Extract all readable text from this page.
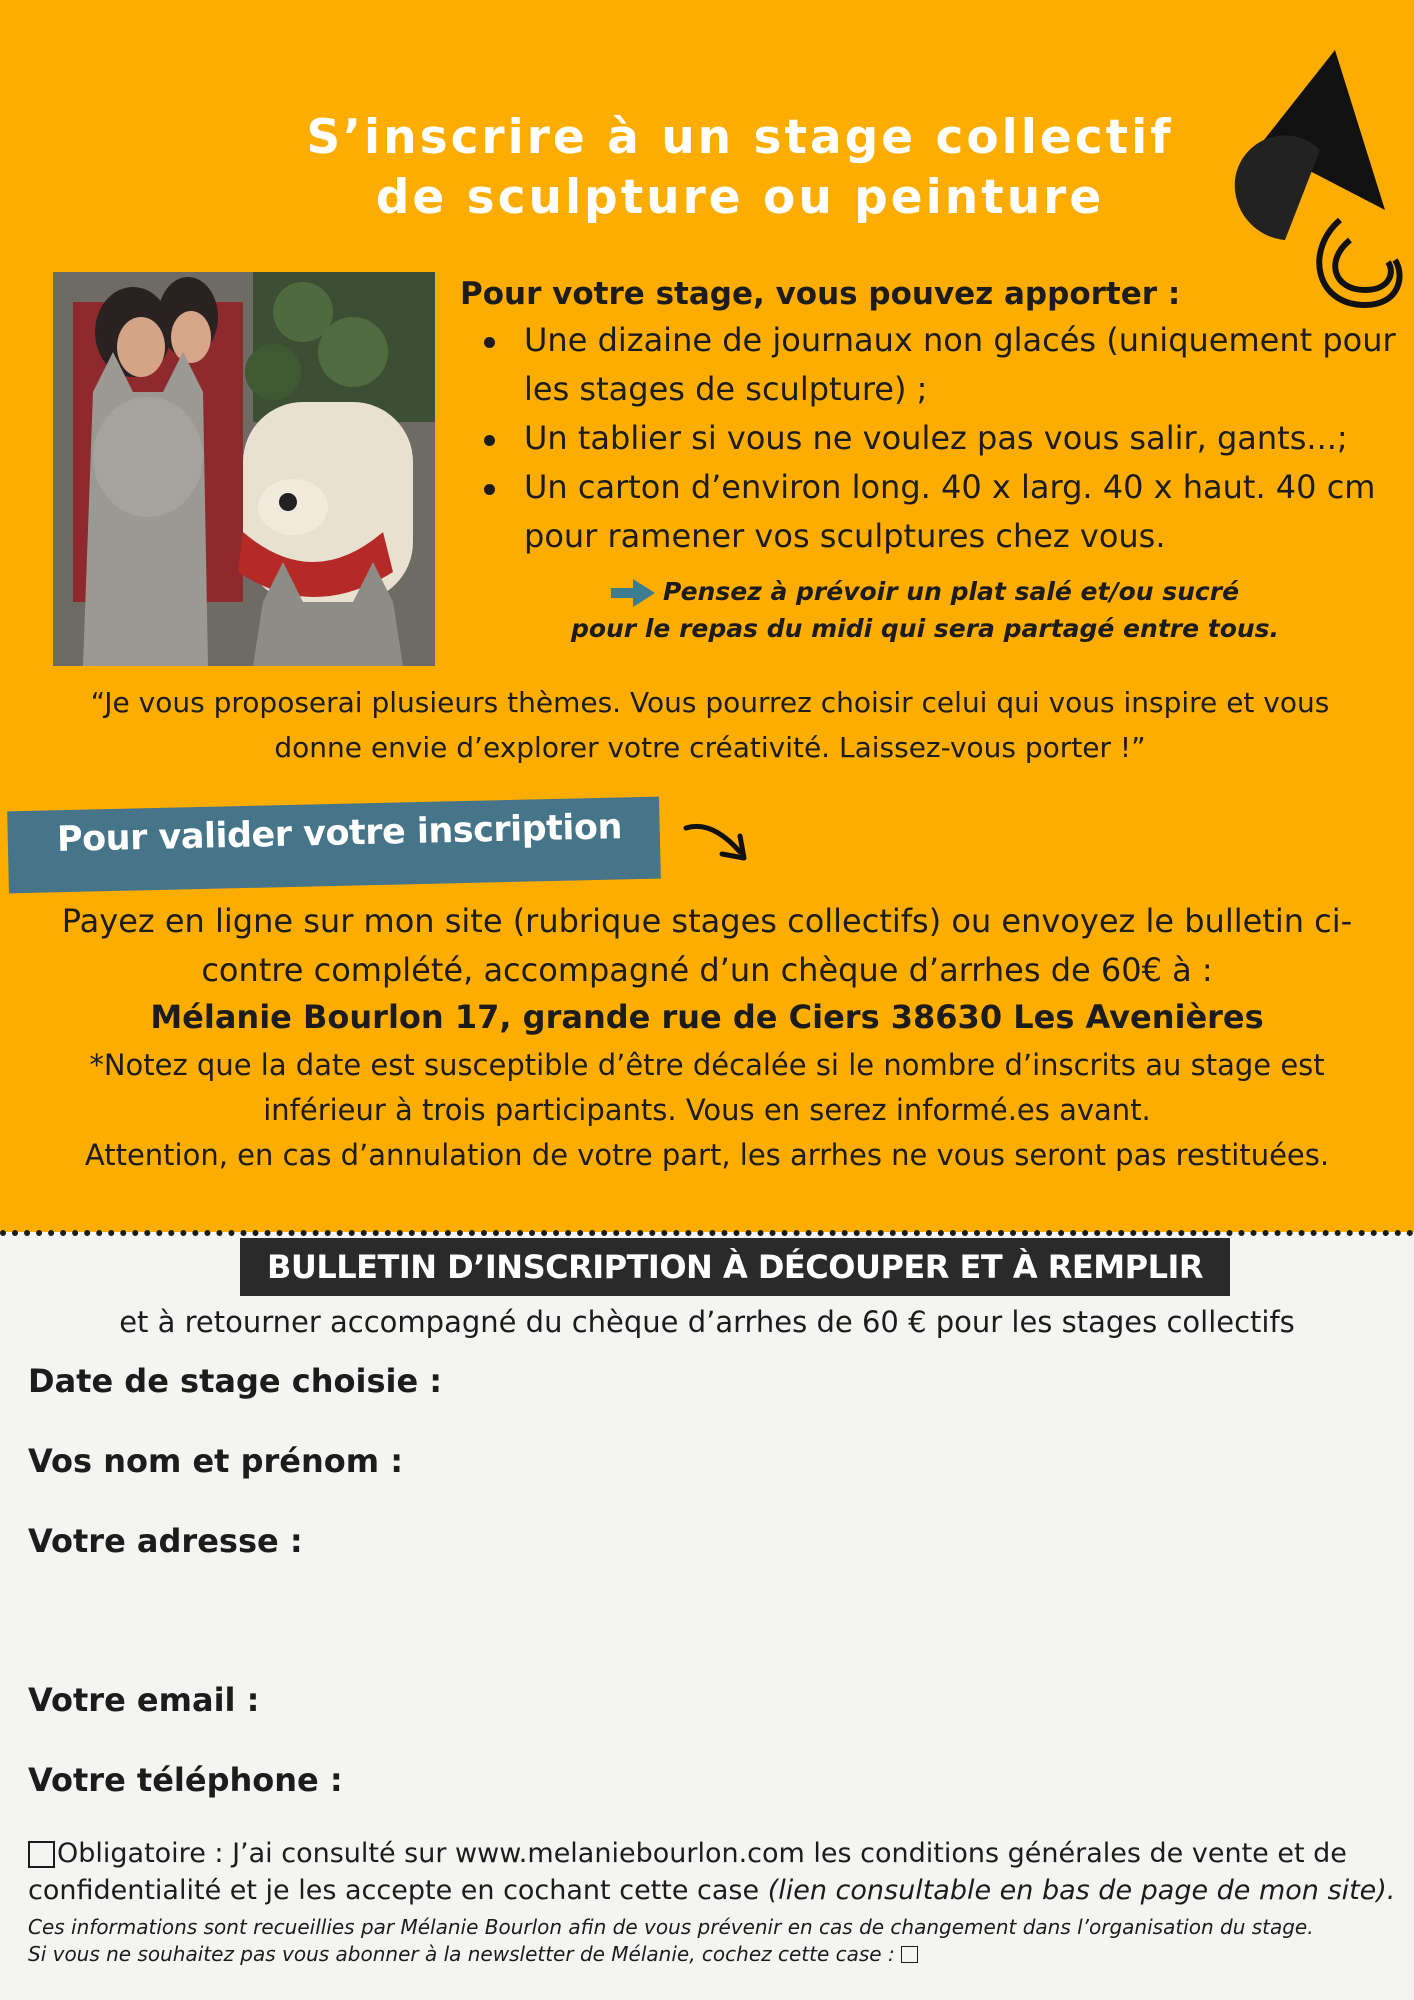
S’inscrire à un stage collectif
de sculpture ou peinture

Pour votre stage, vous pouvez apporter :

Une dizaine de journaux non glacés (uniquement pour les stages de sculpture) ;
Un tablier si vous ne voulez pas vous salir, gants...;
Un carton d’environ long. 40 x larg. 40 x haut. 40 cm pour ramener vos sculptures chez vous.
Pensez à prévoir un plat salé et/ou sucré
pour le repas du midi qui sera partagé entre tous.
“Je vous proposerai plusieurs thèmes. Vous pourrez choisir celui qui vous inspire et vous donne envie d’explorer votre créativité. Laissez-vous porter !”
Pour valider votre inscription
Payez en ligne sur mon site (rubrique stages collectifs) ou envoyez le bulletin ci-contre complété, accompagné d’un chèque d’arrhes de 60€ à :
Mélanie Bourlon 17, grande rue de Ciers 38630 Les Avenières
*Notez que la date est susceptible d’être décalée si le nombre d’inscrits au stage est inférieur à trois participants. Vous en serez informé.es avant.
Attention, en cas d’annulation de votre part, les arrhes ne vous seront pas restituées.
BULLETIN D’INSCRIPTION À DÉCOUPER ET À REMPLIR
et à retourner accompagné du chèque d’arrhes de 60 € pour les stages collectifs
Date de stage choisie :
Vos nom et prénom :
Votre adresse :
Votre email :
Votre téléphone :
Obligatoire : J’ai consulté sur www.melaniebourlon.com les conditions générales de vente et de confidentialité et je les accepte en cochant cette case (lien consultable en bas de page de mon site).
Ces informations sont recueillies par Mélanie Bourlon afin de vous prévenir en cas de changement dans l’organisation du stage.
Si vous ne souhaitez pas vous abonner à la newsletter de Mélanie, cochez cette case :
